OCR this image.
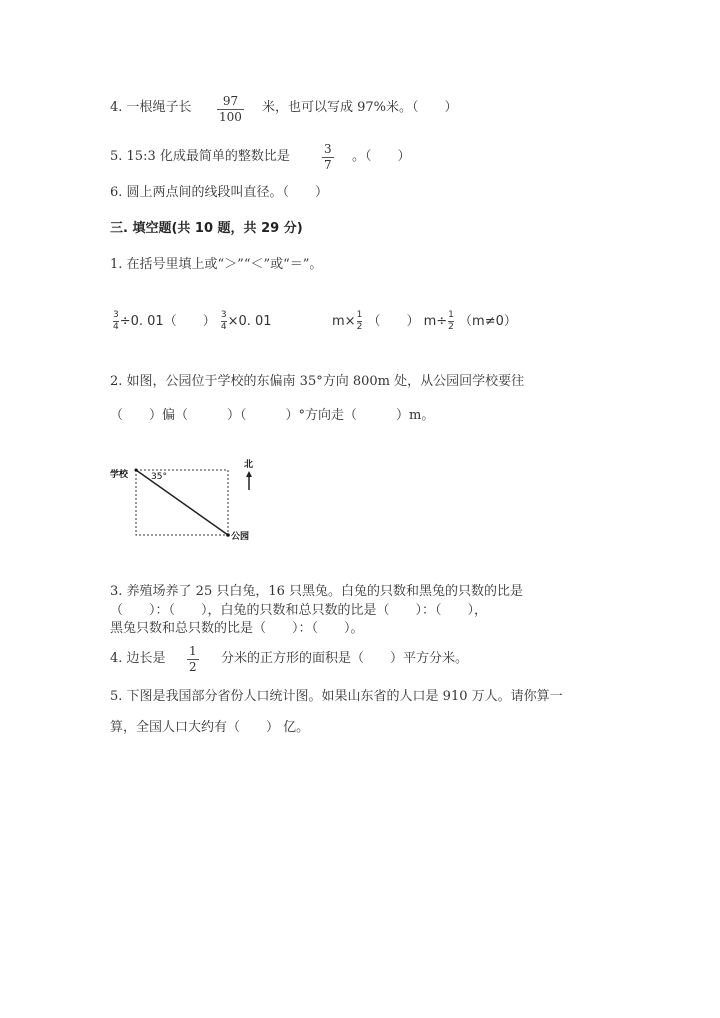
4. 一根绳子长	97
100
米，也可以写成 97%米。（　　）
5. 15:3 化成最简单的整数比是	3
7
。（　　）
6. 圆上两点间的线段叫直径。（　　）
三. 填空题(共 10 题，共 29 分)
1. 在括号里填上或“＞”“＜”或“＝”。
$\frac{3}{4} \div 0$. 01（　　） $\frac{3}{4} \times 0$. 01	$m\times \frac{1}{2}$ （　　） $m\div \frac{1}{2} (m\ne 0)$
2. 如图，公园位于学校的东偏南 35°方向 800m 处，从公园回学校要往
（　　）偏（　　　）（　　　）°方向走（　　　）m。
学校	35°
公园
北
3. 养殖场养了 25 只白兔，16 只黑兔。白兔的只数和黑兔的只数的比是
（　　）：（　　），白兔的只数和总只数的比是（　　）：（　　），
黑兔只数和总只数的比是（　　）：（　　）。
4. 边长是 1
2
分米的正方形的面积是（　　）平方分米。
5. 下图是我国部分省份人口统计图。如果山东省的人口是 910 万人。请你算一
算，全国人口大约有（　　） 亿。
